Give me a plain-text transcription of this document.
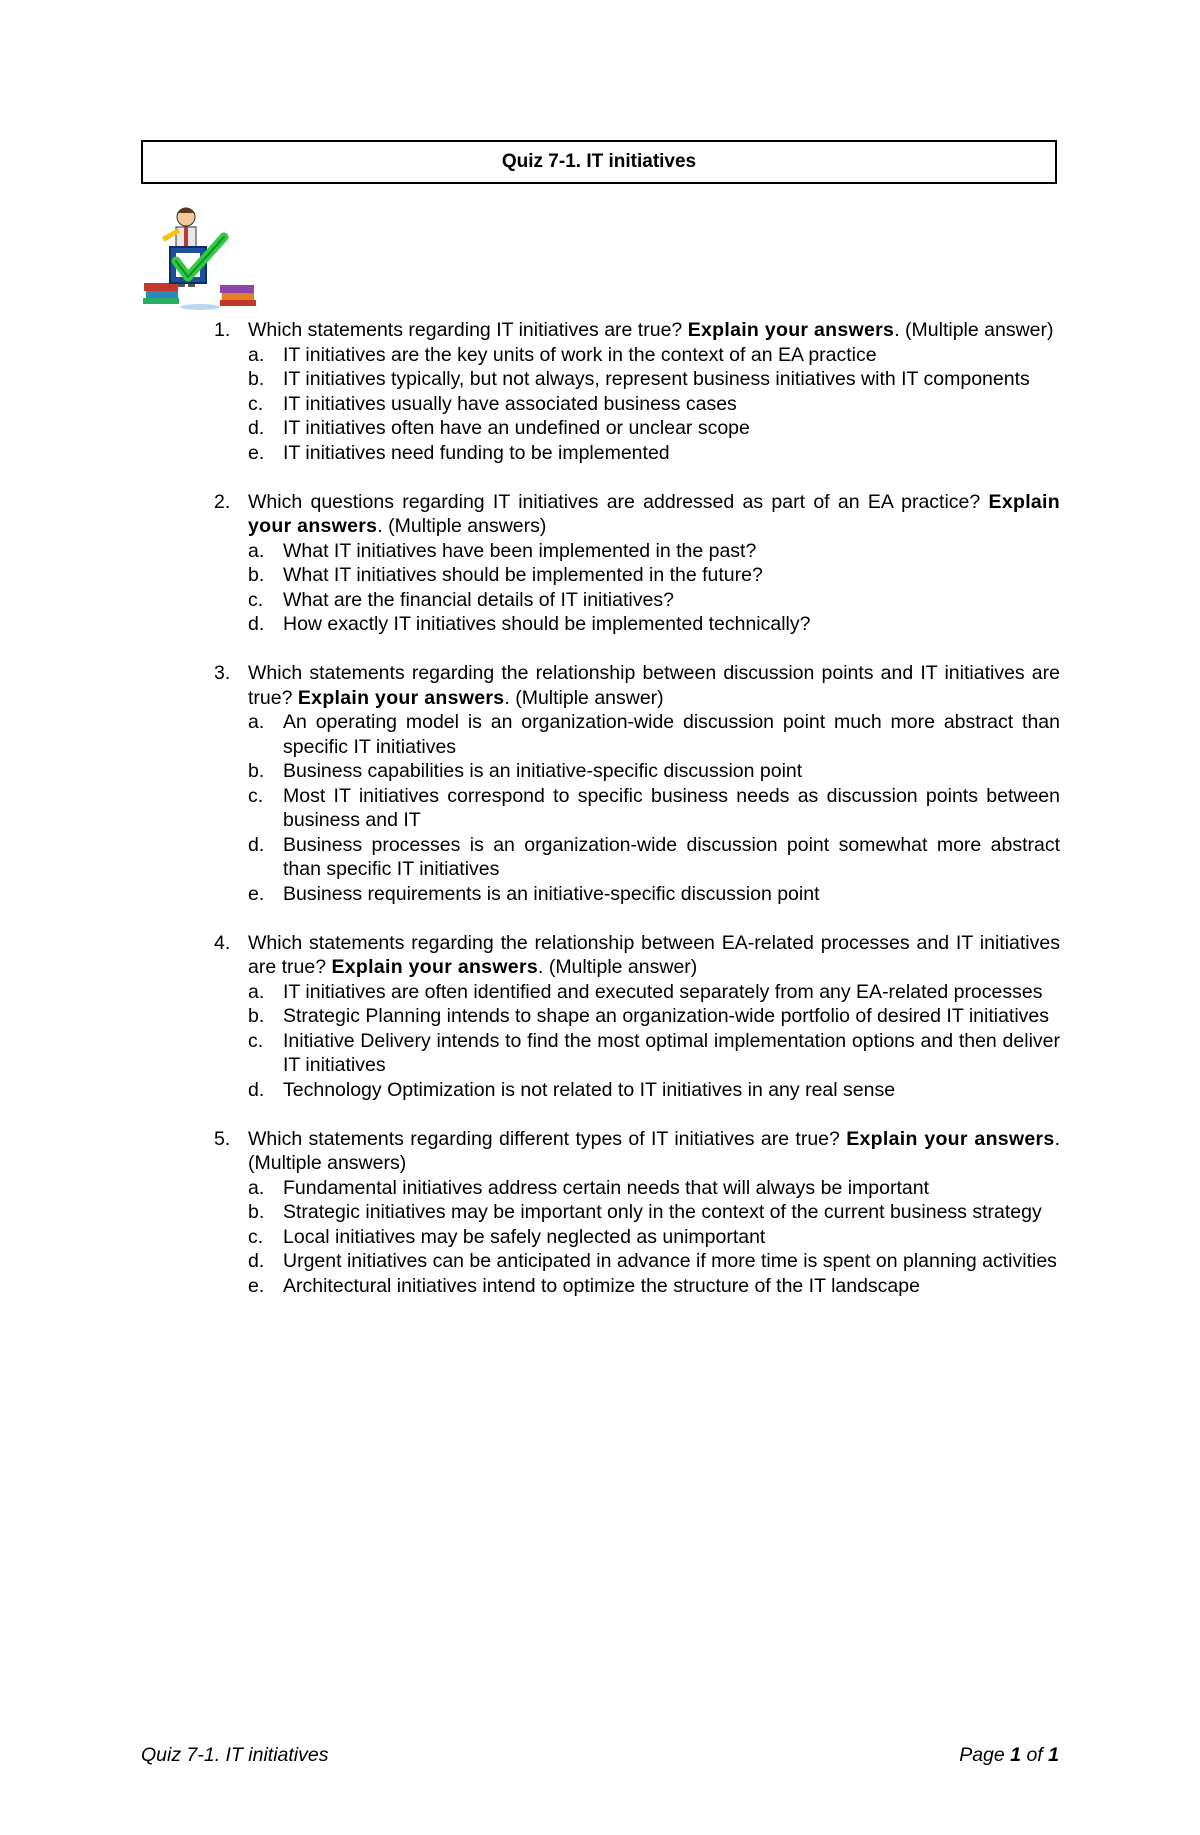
Quiz 7-1. IT initiatives
1. Which statements regarding IT initiatives are true? Explain your answers. (Multiple answer)
a. IT initiatives are the key units of work in the context of an EA practice
b. IT initiatives typically, but not always, represent business initiatives with IT components
c. IT initiatives usually have associated business cases
d. IT initiatives often have an undefined or unclear scope
e. IT initiatives need funding to be implemented
2. Which questions regarding IT initiatives are addressed as part of an EA practice? Explain your answers. (Multiple answers)
a. What IT initiatives have been implemented in the past?
b. What IT initiatives should be implemented in the future?
c. What are the financial details of IT initiatives?
d. How exactly IT initiatives should be implemented technically?
3. Which statements regarding the relationship between discussion points and IT initiatives are true? Explain your answers. (Multiple answer)
a. An operating model is an organization-wide discussion point much more abstract than specific IT initiatives
b. Business capabilities is an initiative-specific discussion point
c. Most IT initiatives correspond to specific business needs as discussion points between business and IT
d. Business processes is an organization-wide discussion point somewhat more abstract than specific IT initiatives
e. Business requirements is an initiative-specific discussion point
4. Which statements regarding the relationship between EA-related processes and IT initiatives are true? Explain your answers. (Multiple answer)
a. IT initiatives are often identified and executed separately from any EA-related processes
b. Strategic Planning intends to shape an organization-wide portfolio of desired IT initiatives
c. Initiative Delivery intends to find the most optimal implementation options and then deliver IT initiatives
d. Technology Optimization is not related to IT initiatives in any real sense
5. Which statements regarding different types of IT initiatives are true? Explain your answers. (Multiple answers)
a. Fundamental initiatives address certain needs that will always be important
b. Strategic initiatives may be important only in the context of the current business strategy
c. Local initiatives may be safely neglected as unimportant
d. Urgent initiatives can be anticipated in advance if more time is spent on planning activities
e. Architectural initiatives intend to optimize the structure of the IT landscape
Quiz 7-1. IT initiatives	Page 1 of 1
